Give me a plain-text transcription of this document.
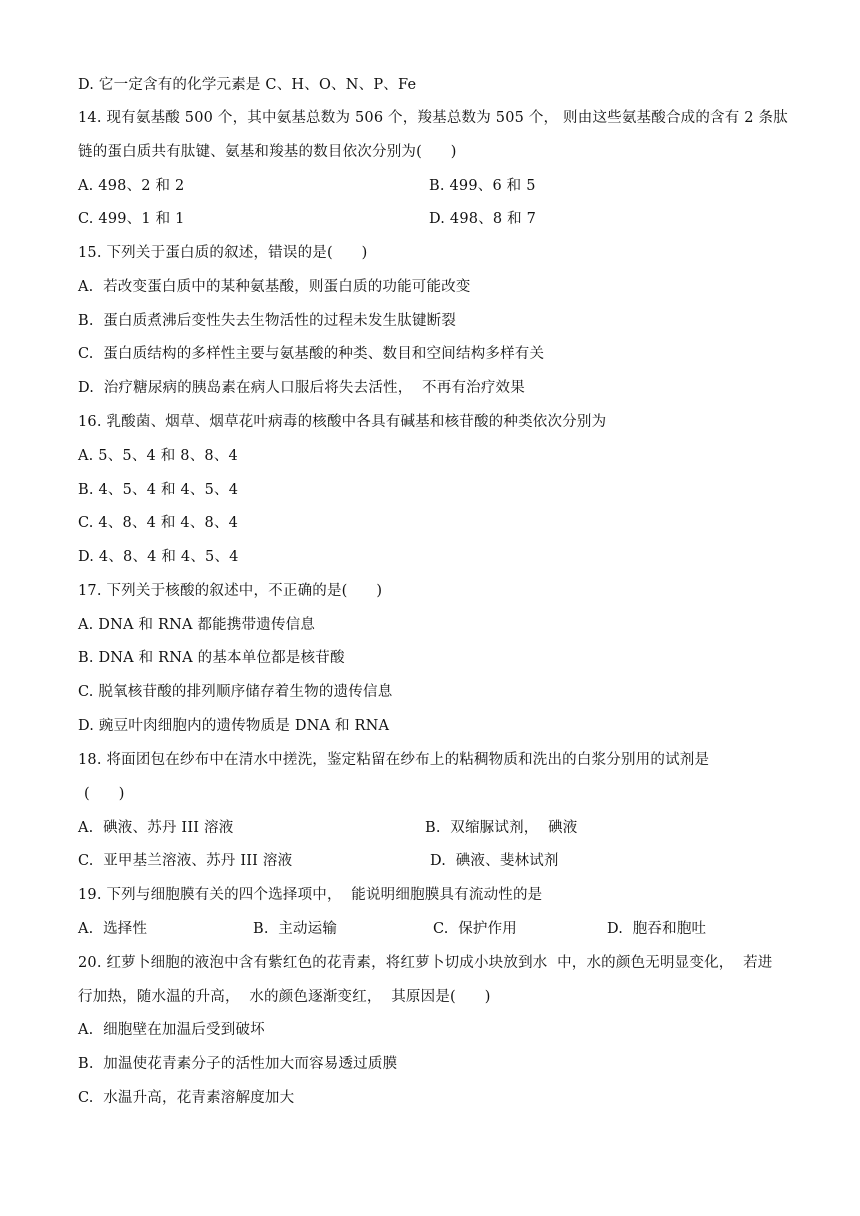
D. 它一定含有的化学元素是 C、H、O、N、P、Fe
14. 现有氨基酸 500 个，其中氨基总数为 506 个，羧基总数为 505 个， 则由这些氨基酸合成的含有 2 条肽
链的蛋白质共有肽键、氨基和羧基的数目依次分别为(      )
A. 498、2 和 2	B. 499、6 和 5
C. 499、1 和 1	D. 498、8 和 7
15. 下列关于蛋白质的叙述，错误的是(      )
A.  若改变蛋白质中的某种氨基酸，则蛋白质的功能可能改变
B.  蛋白质煮沸后变性失去生物活性的过程未发生肽键断裂
C.  蛋白质结构的多样性主要与氨基酸的种类、数目和空间结构多样有关
D.  治疗糖尿病的胰岛素在病人口服后将失去活性，  不再有治疗效果
16. 乳酸菌、烟草、烟草花叶病毒的核酸中各具有碱基和核苷酸的种类依次分别为
A. 5、5、4 和 8、8、4
B. 4、5、4 和 4、5、4
C. 4、8、4 和 4、8、4
D. 4、8、4 和 4、5、4
17. 下列关于核酸的叙述中，不正确的是(      )
A. DNA 和 RNA 都能携带遗传信息
B. DNA 和 RNA 的基本单位都是核苷酸
C. 脱氧核苷酸的排列顺序储存着生物的遗传信息
D. 豌豆叶肉细胞内的遗传物质是 DNA 和 RNA
18. 将面团包在纱布中在清水中搓洗，鉴定粘留在纱布上的粘稠物质和洗出的白浆分别用的试剂是
(      )
A.  碘液、苏丹 III 溶液	B.  双缩脲试剂，  碘液
C.  亚甲基兰溶液、苏丹 III 溶液	D.  碘液、斐林试剂
19. 下列与细胞膜有关的四个选择项中，  能说明细胞膜具有流动性的是
A.  选择性	B.  主动运输	C.  保护作用	D.  胞吞和胞吐
20. 红萝卜细胞的液泡中含有紫红色的花青素，将红萝卜切成小块放到水  中，水的颜色无明显变化，  若进
行加热，随水温的升高，  水的颜色逐渐变红，  其原因是(      )
A.  细胞壁在加温后受到破坏
B.  加温使花青素分子的活性加大而容易透过质膜
C.  水温升高，花青素溶解度加大
